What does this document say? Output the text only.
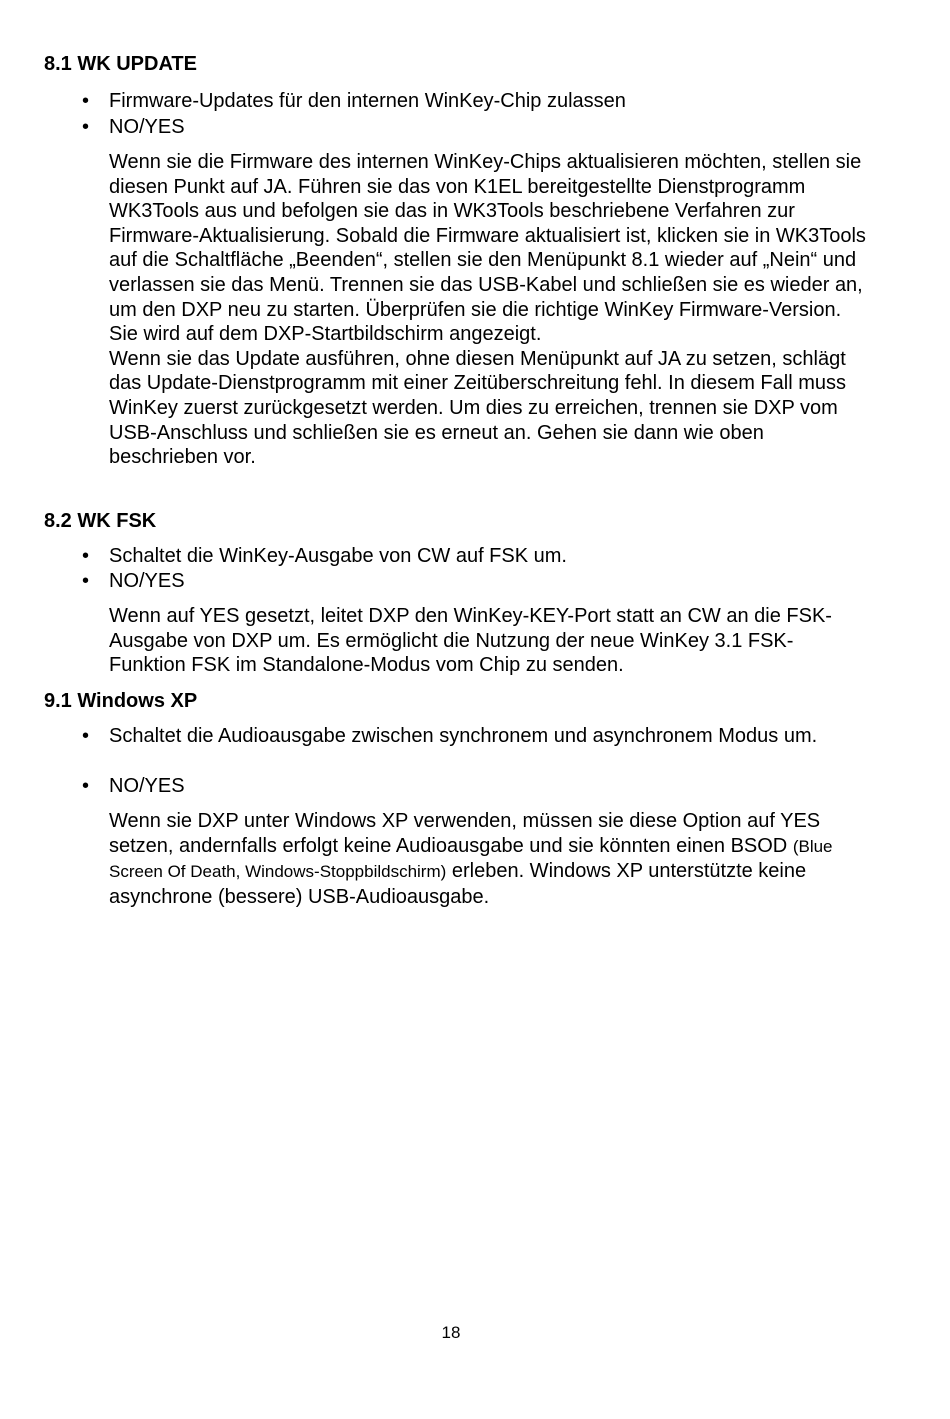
8.1 WK UPDATE
• Firmware-Updates für den internen WinKey-Chip zulassen
• NO/YES

Wenn sie die Firmware des internen WinKey-Chips aktualisieren möchten, stellen sie diesen Punkt auf JA. Führen sie das von K1EL bereitgestellte Dienstprogramm WK3Tools aus und befolgen sie das in WK3Tools beschriebene Verfahren zur Firmware-Aktualisierung. Sobald die Firmware aktualisiert ist, klicken sie in WK3Tools auf die Schaltfläche „Beenden“, stellen sie den Menüpunkt 8.1 wieder auf „Nein“ und verlassen sie das Menü. Trennen sie das USB-Kabel und schließen sie es wieder an, um den DXP neu zu starten. Überprüfen sie die richtige WinKey Firmware-Version. Sie wird auf dem DXP-Startbildschirm angezeigt.

Wenn sie das Update ausführen, ohne diesen Menüpunkt auf JA zu setzen, schlägt das Update-Dienstprogramm mit einer Zeitüberschreitung fehl. In diesem Fall muss WinKey zuerst zurückgesetzt werden. Um dies zu erreichen, trennen sie DXP vom USB-Anschluss und schließen sie es erneut an. Gehen sie dann wie oben beschrieben vor.

8.2 WK FSK
• Schaltet die WinKey-Ausgabe von CW auf FSK um.
• NO/YES

Wenn auf YES gesetzt, leitet DXP den WinKey-KEY-Port statt an CW an die FSK-Ausgabe von DXP um. Es ermöglicht die Nutzung der neue WinKey 3.1 FSK-Funktion FSK im Standalone-Modus vom Chip zu senden.

9.1 Windows XP
• Schaltet die Audioausgabe zwischen synchronem und asynchronem Modus um.
• NO/YES

Wenn sie DXP unter Windows XP verwenden, müssen sie diese Option auf YES setzen, andernfalls erfolgt keine Audioausgabe und sie könnten einen BSOD (Blue Screen Of Death, Windows-Stoppbildschirm) erleben. Windows XP unterstützte keine asynchrone (bessere) USB-Audioausgabe.

18
